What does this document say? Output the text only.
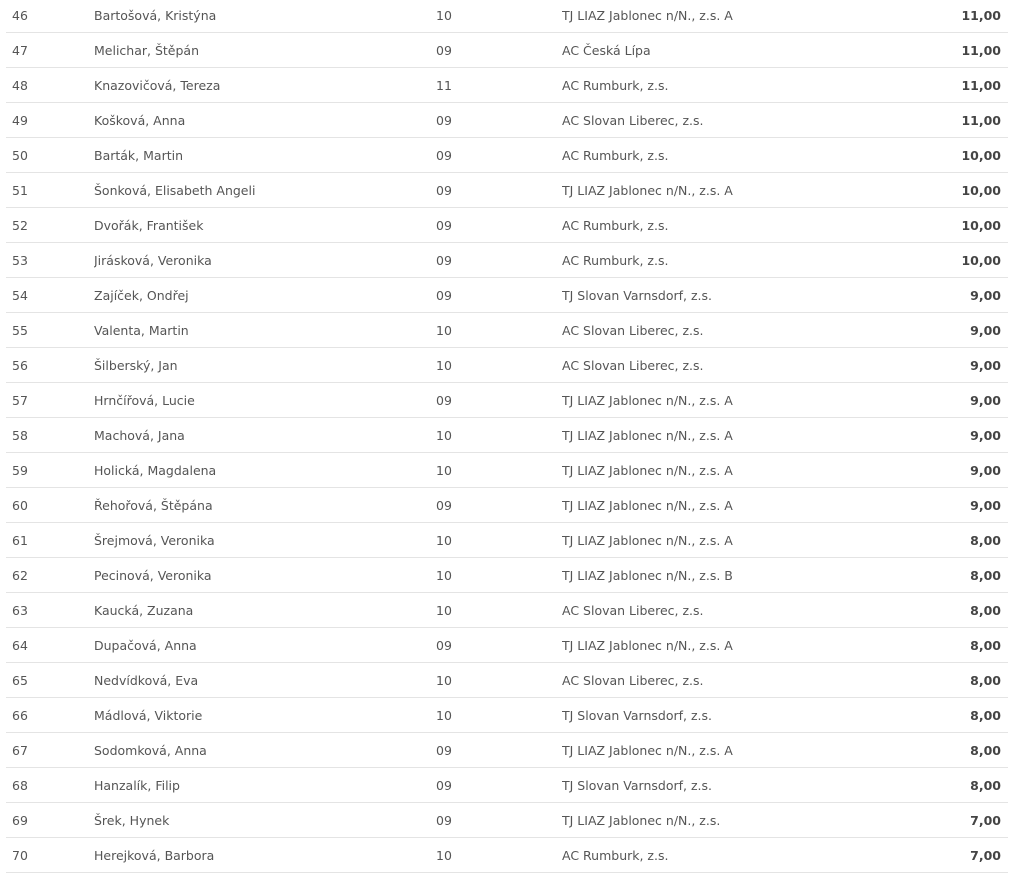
46	Bartošová, Kristýna	10	TJ LIAZ Jablonec n/N., z.s. A	11,00
47	Melichar, Štěpán	09	AC Česká Lípa	11,00
48	Knazovičová, Tereza	11	AC Rumburk, z.s.	11,00
49	Košková, Anna	09	AC Slovan Liberec, z.s.	11,00
50	Barták, Martin	09	AC Rumburk, z.s.	10,00
51	Šonková, Elisabeth Angeli	09	TJ LIAZ Jablonec n/N., z.s. A	10,00
52	Dvořák, František	09	AC Rumburk, z.s.	10,00
53	Jirásková, Veronika	09	AC Rumburk, z.s.	10,00
54	Zajíček, Ondřej	09	TJ Slovan Varnsdorf, z.s.	9,00
55	Valenta, Martin	10	AC Slovan Liberec, z.s.	9,00
56	Šilberský, Jan	10	AC Slovan Liberec, z.s.	9,00
57	Hrnčířová, Lucie	09	TJ LIAZ Jablonec n/N., z.s. A	9,00
58	Machová, Jana	10	TJ LIAZ Jablonec n/N., z.s. A	9,00
59	Holická, Magdalena	10	TJ LIAZ Jablonec n/N., z.s. A	9,00
60	Řehořová, Štěpána	09	TJ LIAZ Jablonec n/N., z.s. A	9,00
61	Šrejmová, Veronika	10	TJ LIAZ Jablonec n/N., z.s. A	8,00
62	Pecinová, Veronika	10	TJ LIAZ Jablonec n/N., z.s. B	8,00
63	Kaucká, Zuzana	10	AC Slovan Liberec, z.s.	8,00
64	Dupačová, Anna	09	TJ LIAZ Jablonec n/N., z.s. A	8,00
65	Nedvídková, Eva	10	AC Slovan Liberec, z.s.	8,00
66	Mádlová, Viktorie	10	TJ Slovan Varnsdorf, z.s.	8,00
67	Sodomková, Anna	09	TJ LIAZ Jablonec n/N., z.s. A	8,00
68	Hanzalík, Filip	09	TJ Slovan Varnsdorf, z.s.	8,00
69	Šrek, Hynek	09	TJ LIAZ Jablonec n/N., z.s.	7,00
70	Herejková, Barbora	10	AC Rumburk, z.s.	7,00
